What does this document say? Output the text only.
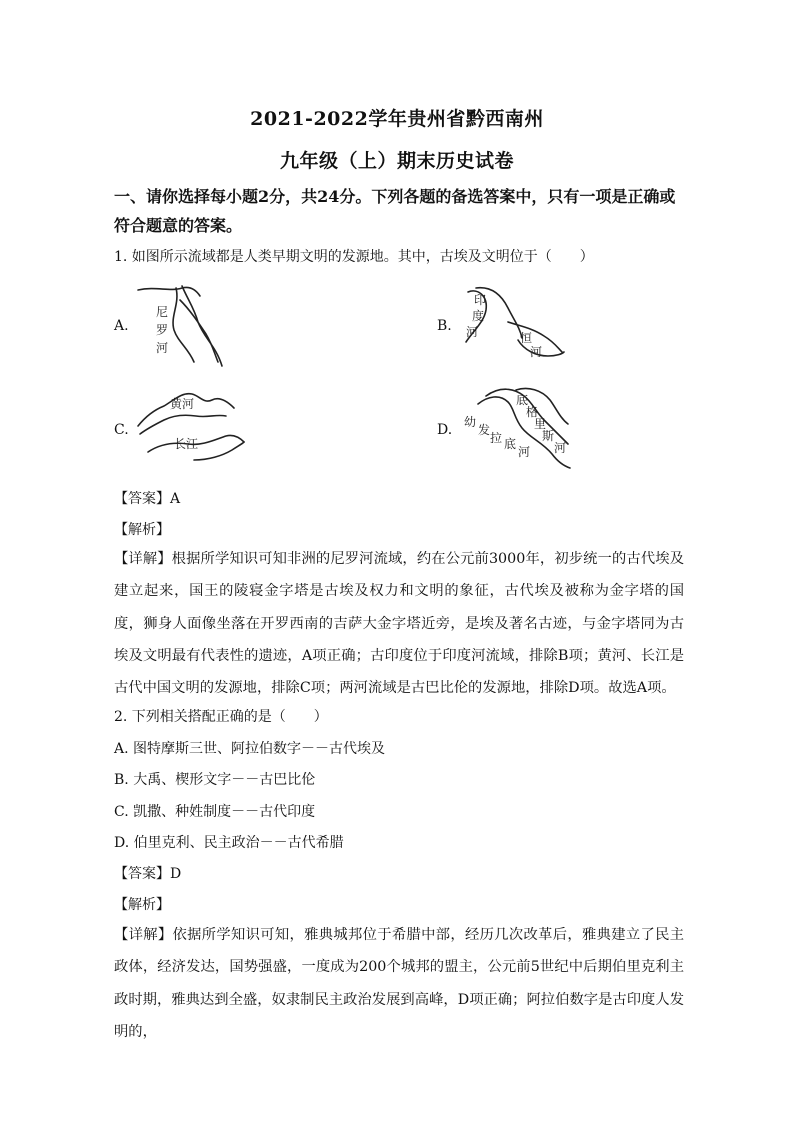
2021-2022学年贵州省黔西南州
九年级（上）期末历史试卷
一、请你选择每小题2分，共24分。下列各题的备选答案中，只有一项是正确或符合题意的答案。
1. 如图所示流域都是人类早期文明的发源地。其中，古埃及文明位于（　　）
A.
尼
罗
河
B.
印
度
河	恒
河
C.
黄河
长江
D. 幼
发
拉 底
河
底
格
里
斯
河
【答案】A
【解析】
【详解】根据所学知识可知非洲的尼罗河流域，约在公元前3000年，初步统一的古代埃及建立起来，国王的陵寝金字塔是古埃及权力和文明的象征，古代埃及被称为金字塔的国度，狮身人面像坐落在开罗西南的吉萨大金字塔近旁，是埃及著名古迹，与金字塔同为古埃及文明最有代表性的遗迹，A项正确；古印度位于印度河流域，排除B项；黄河、长江是古代中国文明的发源地，排除C项；两河流域是古巴比伦的发源地，排除D项。故选A项。
2. 下列相关搭配正确的是（　　）
A. 图特摩斯三世、阿拉伯数字－－古代埃及
B. 大禹、楔形文字－－古巴比伦
C. 凯撒、种姓制度－－古代印度
D. 伯里克利、民主政治－－古代希腊
【答案】D
【解析】
【详解】依据所学知识可知，雅典城邦位于希腊中部，经历几次改革后，雅典建立了民主政体，经济发达，国势强盛，一度成为200个城邦的盟主，公元前5世纪中后期伯里克利主政时期，雅典达到全盛，奴隶制民主政治发展到高峰，D项正确；阿拉伯数字是古印度人发明的，
